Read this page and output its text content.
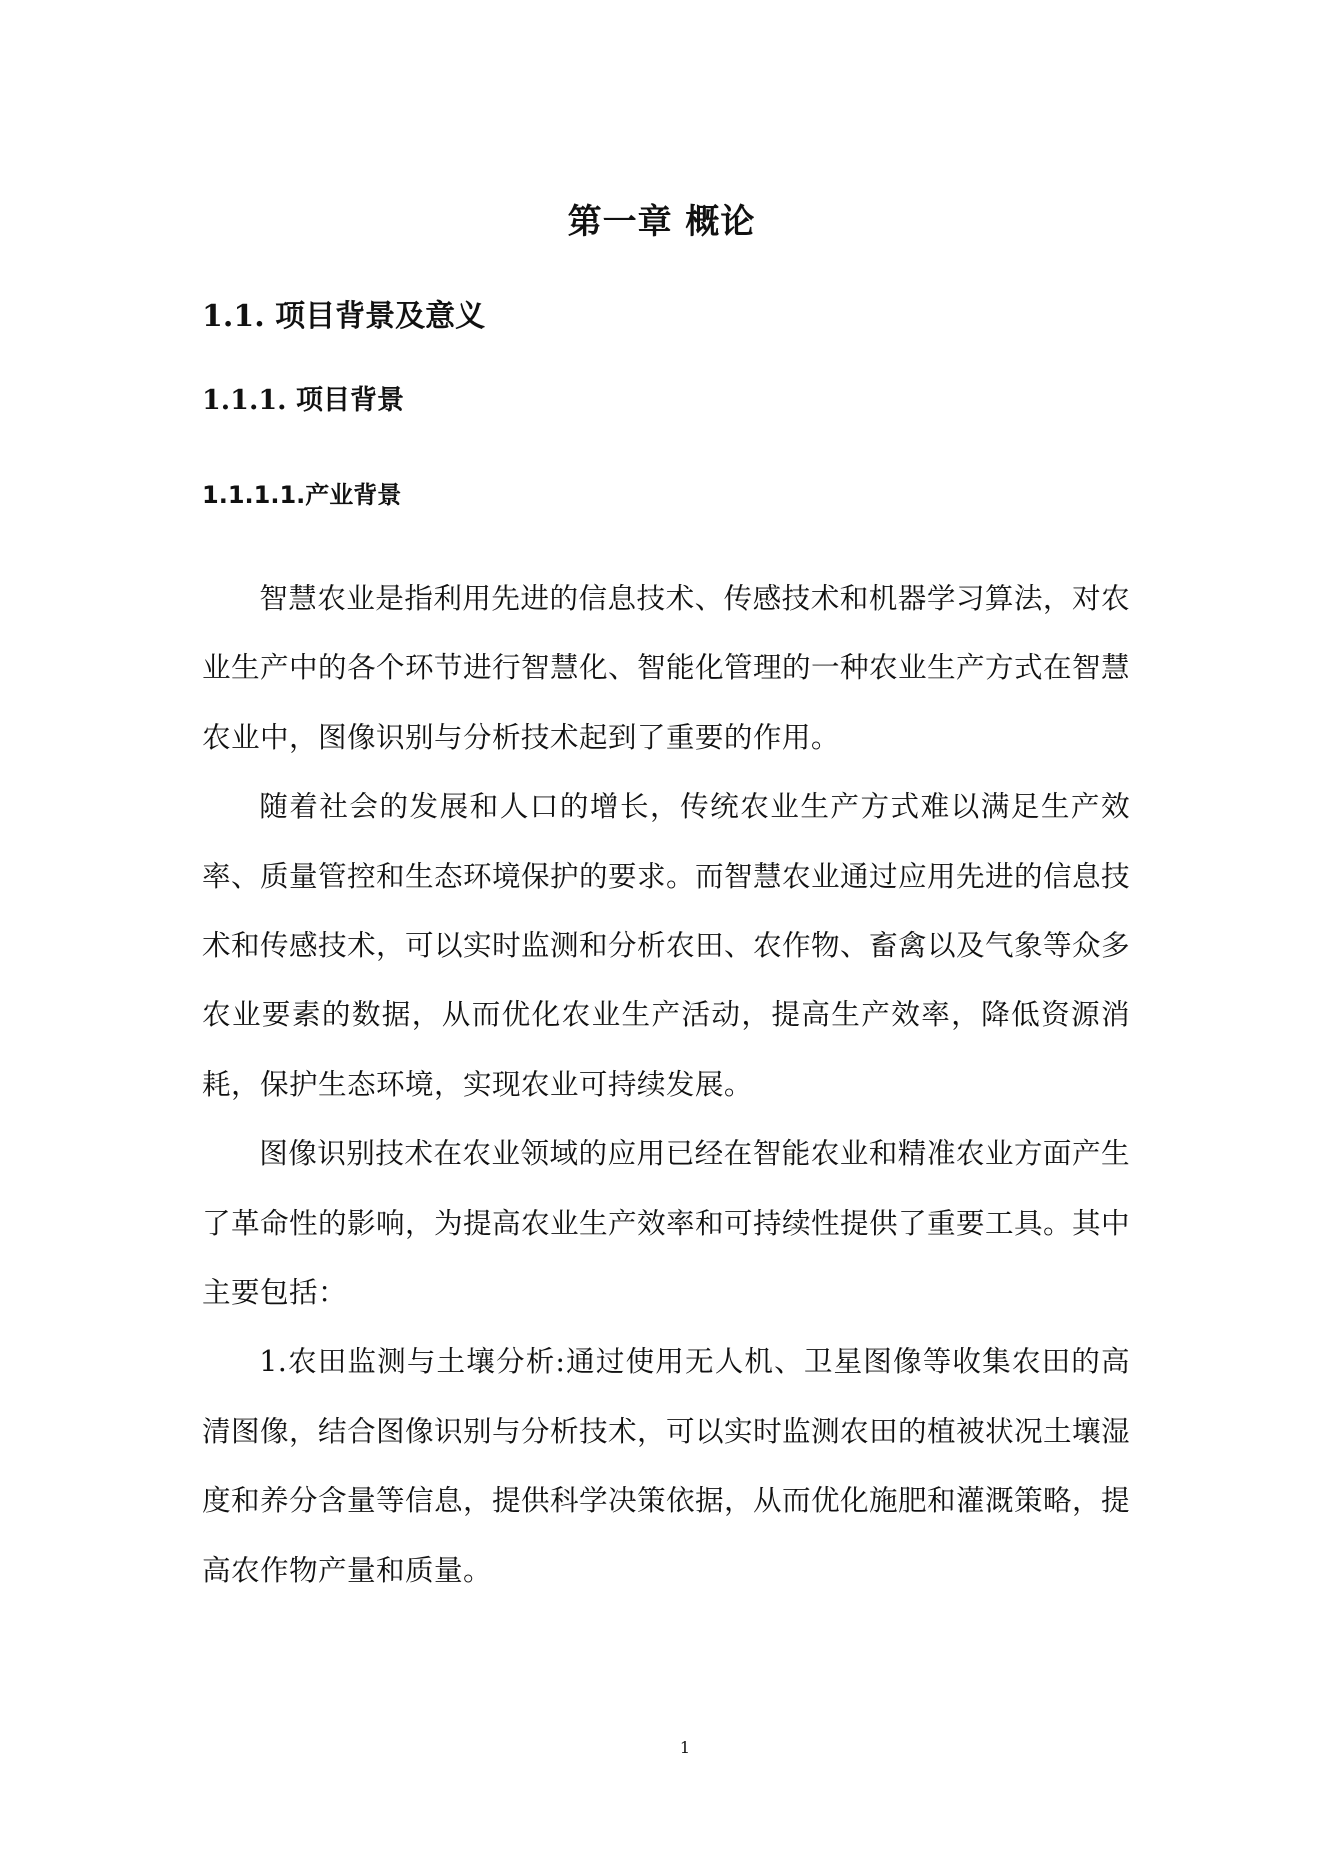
第一章 概论
1.1. 项目背景及意义
1.1.1. 项目背景
1.1.1.1.产业背景

智慧农业是指利用先进的信息技术、传感技术和机器学习算法，对农业生产中的各个环节进行智慧化、智能化管理的一种农业生产方式在智慧农业中，图像识别与分析技术起到了重要的作用。

随着社会的发展和人口的增长，传统农业生产方式难以满足生产效率、质量管控和生态环境保护的要求。而智慧农业通过应用先进的信息技术和传感技术，可以实时监测和分析农田、农作物、畜禽以及气象等众多农业要素的数据，从而优化农业生产活动，提高生产效率，降低资源消耗，保护生态环境，实现农业可持续发展。

图像识别技术在农业领域的应用已经在智能农业和精准农业方面产生了革命性的影响，为提高农业生产效率和可持续性提供了重要工具。其中主要包括：

1.农田监测与土壤分析:通过使用无人机、卫星图像等收集农田的高清图像，结合图像识别与分析技术，可以实时监测农田的植被状况土壤湿度和养分含量等信息，提供科学决策依据，从而优化施肥和灌溉策略，提高农作物产量和质量。

1
